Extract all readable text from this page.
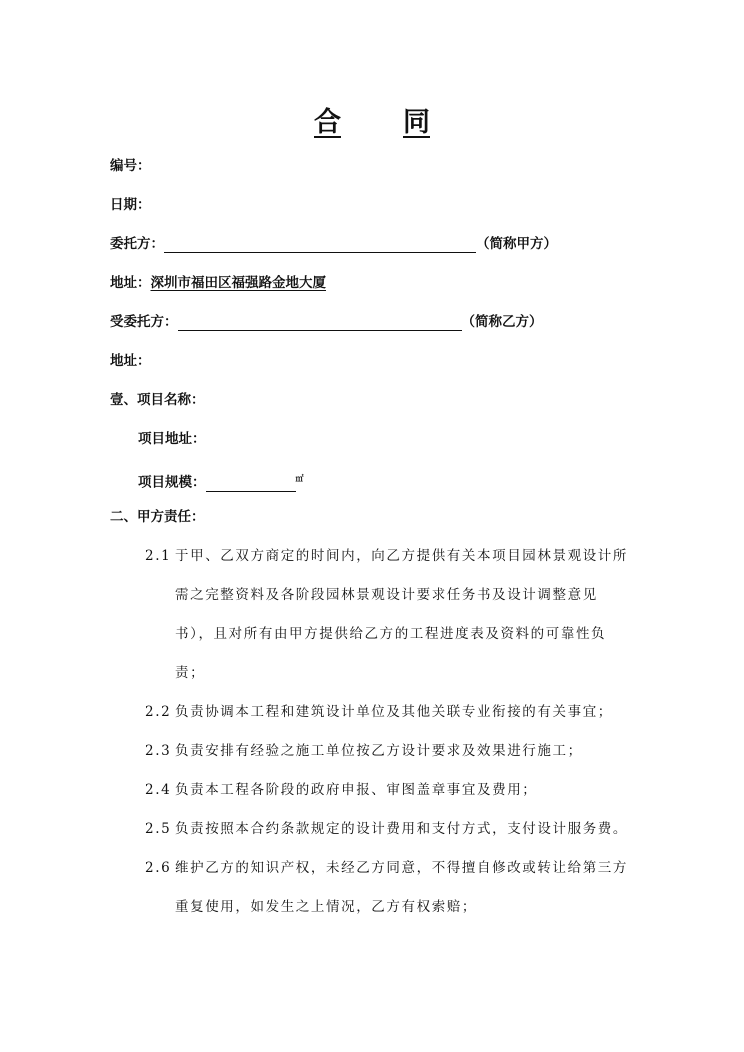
合 同
编号：
日期：
委托方：	（简称甲方）
地址：深圳市福田区福强路金地大厦
受委托方：	（简称乙方）
地址：
壹、项目名称：
项目地址：
项目规模：	㎡
二、甲方责任：
2.1 于甲、乙双方商定的时间内，向乙方提供有关本项目园林景观设计所
需之完整资料及各阶段园林景观设计要求任务书及设计调整意见
书），且对所有由甲方提供给乙方的工程进度表及资料的可靠性负
责；
2.2 负责协调本工程和建筑设计单位及其他关联专业衔接的有关事宜；
2.3 负责安排有经验之施工单位按乙方设计要求及效果进行施工；
2.4 负责本工程各阶段的政府申报、审图盖章事宜及费用；
2.5 负责按照本合约条款规定的设计费用和支付方式，支付设计服务费。
2.6 维护乙方的知识产权，未经乙方同意，不得擅自修改或转让给第三方
重复使用，如发生之上情况，乙方有权索赔；
